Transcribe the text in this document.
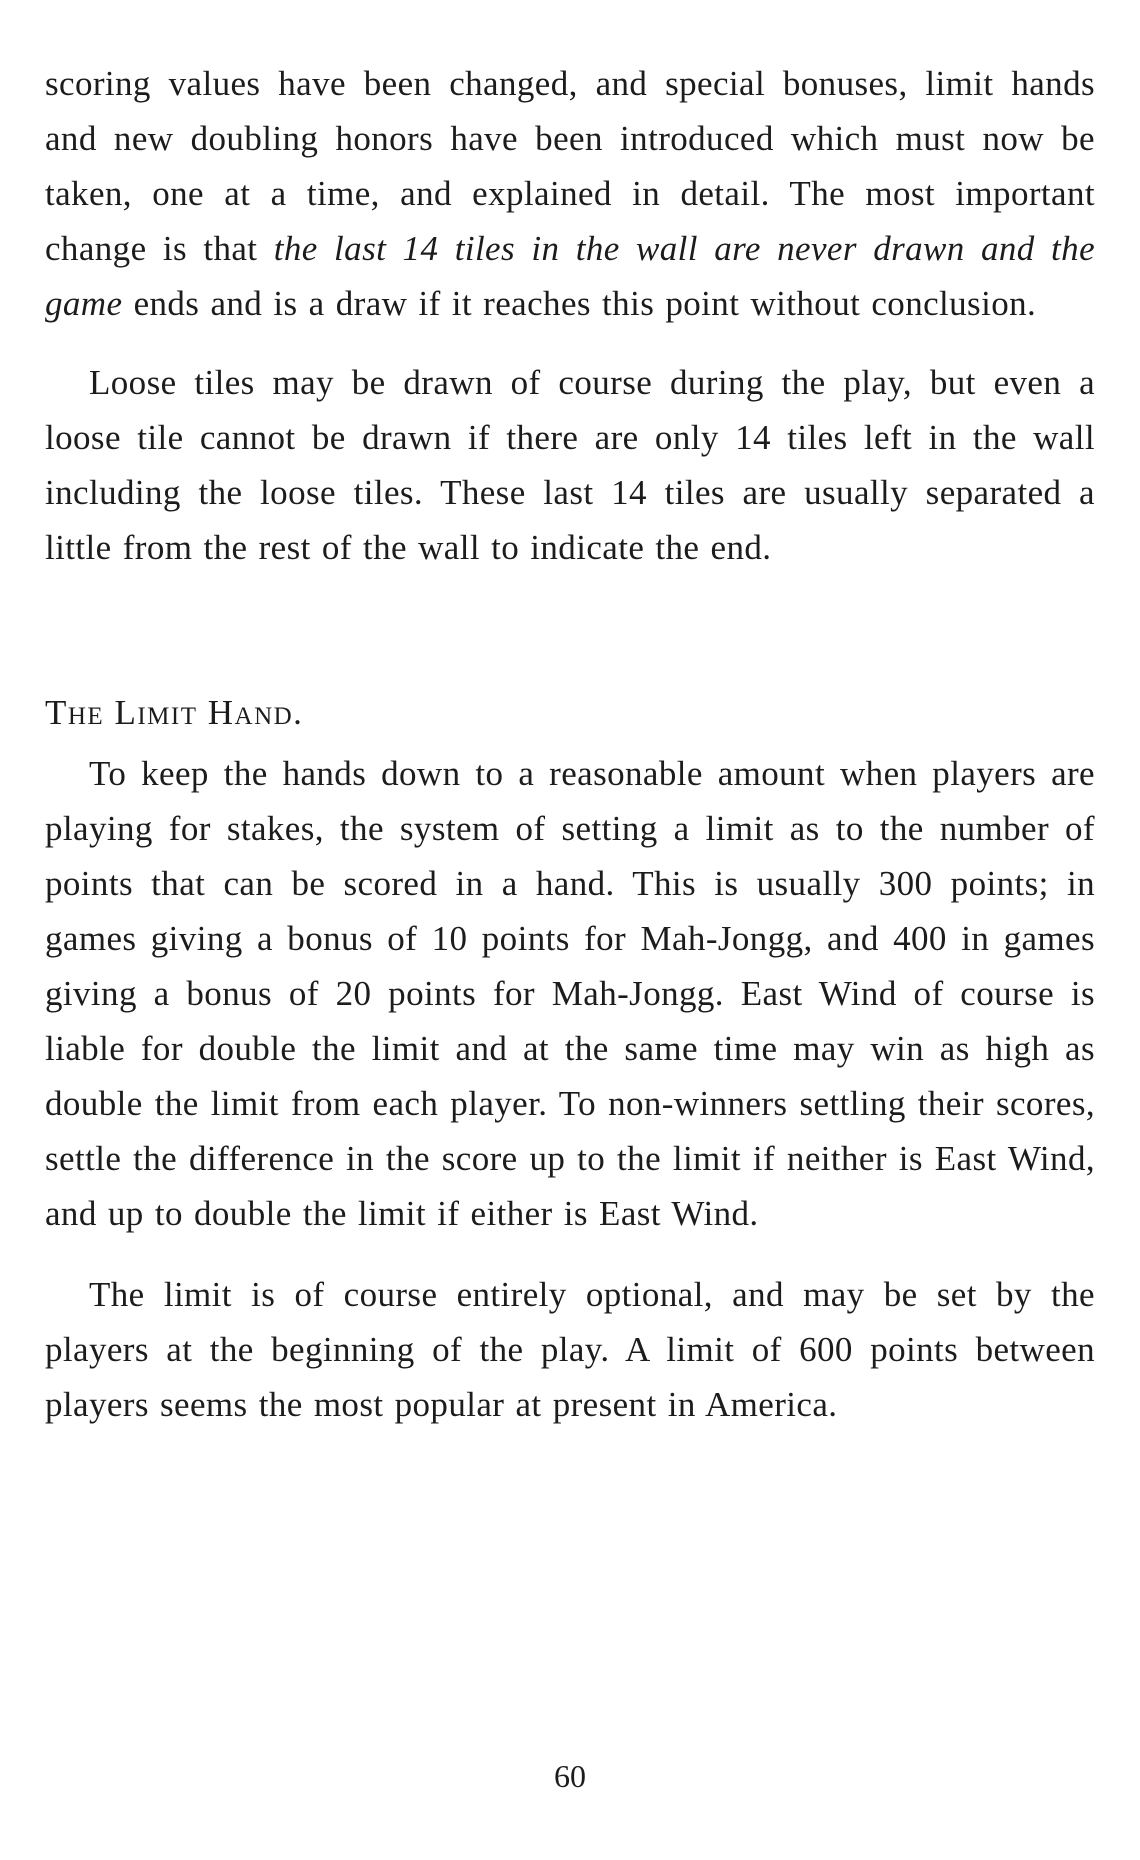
scoring values have been changed, and special bonuses, limit hands and new doubling honors have been introduced which must now be taken, one at a time, and explained in detail. The most important change is that the last 14 tiles in the wall are never drawn and the game ends and is a draw if it reaches this point without conclusion.

Loose tiles may be drawn of course during the play, but even a loose tile cannot be drawn if there are only 14 tiles left in the wall including the loose tiles. These last 14 tiles are usually separated a little from the rest of the wall to indicate the end.

The Limit Hand.

To keep the hands down to a reasonable amount when players are playing for stakes, the system of setting a limit as to the number of points that can be scored in a hand. This is usually 300 points; in games giving a bonus of 10 points for Mah-Jongg, and 400 in games giving a bonus of 20 points for Mah-Jongg. East Wind of course is liable for double the limit and at the same time may win as high as double the limit from each player. To non-winners settling their scores, settle the difference in the score up to the limit if neither is East Wind, and up to double the limit if either is East Wind.

The limit is of course entirely optional, and may be set by the players at the beginning of the play. A limit of 600 points between players seems the most popular at present in America.

60
